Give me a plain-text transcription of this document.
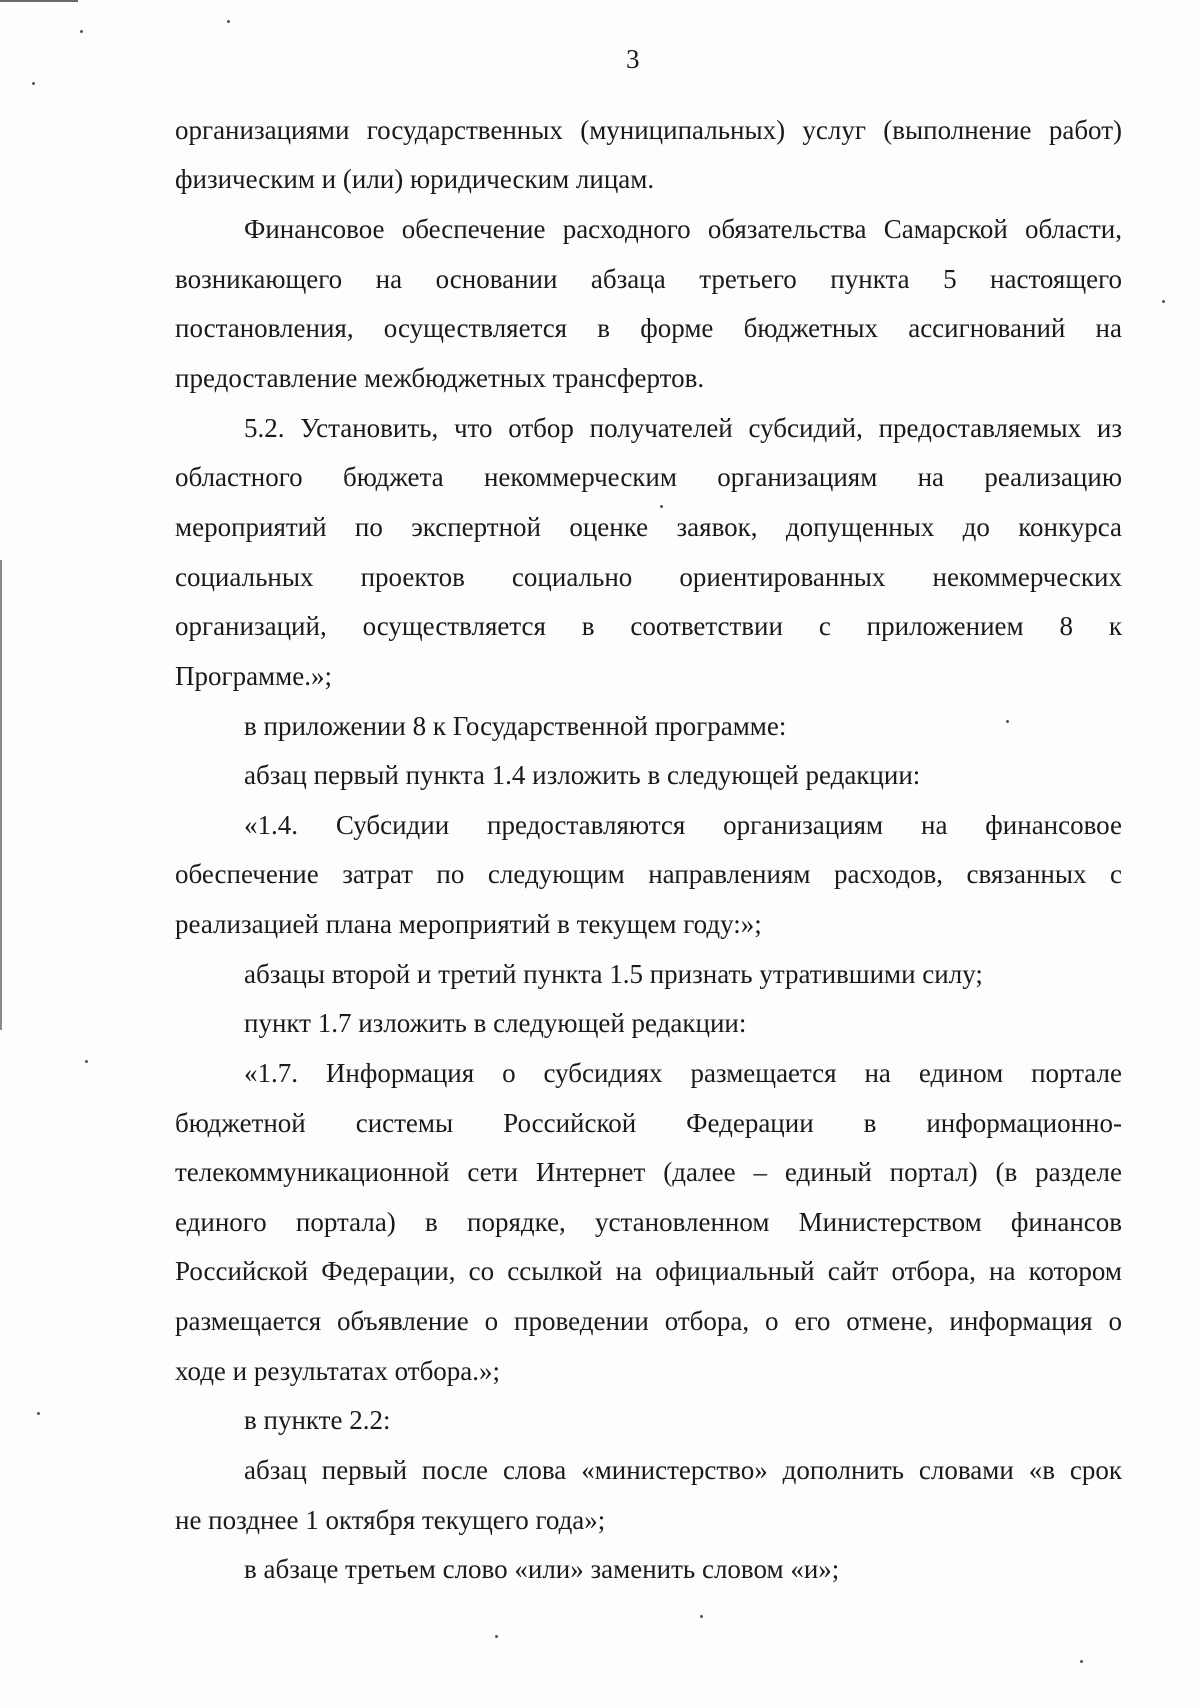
3
организациями государственных (муниципальных) услуг (выполнение работ)
физическим и (или) юридическим лицам.
Финансовое обеспечение расходного обязательства Самарской области,
возникающего на основании абзаца третьего пункта 5 настоящего
постановления, осуществляется в форме бюджетных ассигнований на
предоставление межбюджетных трансфертов.
5.2. Установить, что отбор получателей субсидий, предоставляемых из
областного бюджета некоммерческим организациям на реализацию
мероприятий по экспертной оценке заявок, допущенных до конкурса
социальных проектов социально ориентированных некоммерческих
организаций, осуществляется в соответствии с приложением 8 к
Программе.»;
в приложении 8 к Государственной программе:
абзац первый пункта 1.4 изложить в следующей редакции:
«1.4. Субсидии предоставляются организациям на финансовое
обеспечение затрат по следующим направлениям расходов, связанных с
реализацией плана мероприятий в текущем году:»;
абзацы второй и третий пункта 1.5 признать утратившими силу;
пункт 1.7 изложить в следующей редакции:
«1.7. Информация о субсидиях размещается на едином портале
бюджетной системы Российской Федерации в информационно-
телекоммуникационной сети Интернет (далее – единый портал) (в разделе
единого портала) в порядке, установленном Министерством финансов
Российской Федерации, со ссылкой на официальный сайт отбора, на котором
размещается объявление о проведении отбора, о его отмене, информация о
ходе и результатах отбора.»;
в пункте 2.2:
абзац первый после слова «министерство» дополнить словами «в срок
не позднее 1 октября текущего года»;
в абзаце третьем слово «или» заменить словом «и»;
